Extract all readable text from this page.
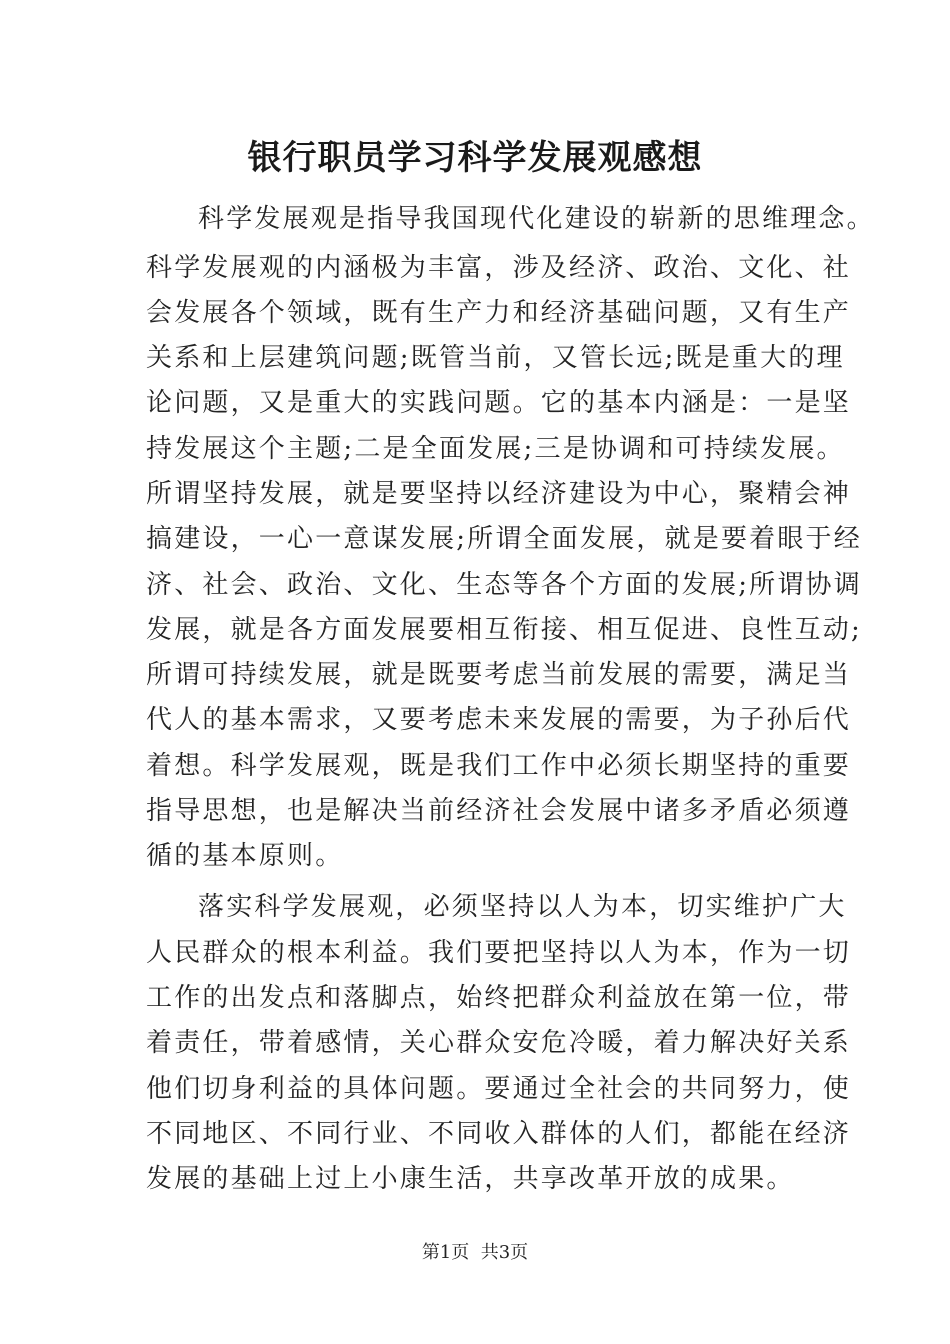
银行职员学习科学发展观感想
科学发展观是指导我国现代化建设的崭新的思维理念。
科学发展观的内涵极为丰富，涉及经济、政治、文化、社
会发展各个领域，既有生产力和经济基础问题，又有生产
关系和上层建筑问题;既管当前，又管长远;既是重大的理
论问题，又是重大的实践问题。它的基本内涵是：一是坚
持发展这个主题;二是全面发展;三是协调和可持续发展。
所谓坚持发展，就是要坚持以经济建设为中心，聚精会神
搞建设，一心一意谋发展;所谓全面发展，就是要着眼于经
济、社会、政治、文化、生态等各个方面的发展;所谓协调
发展，就是各方面发展要相互衔接、相互促进、良性互动;
所谓可持续发展，就是既要考虑当前发展的需要，满足当
代人的基本需求，又要考虑未来发展的需要，为子孙后代
着想。科学发展观，既是我们工作中必须长期坚持的重要
指导思想，也是解决当前经济社会发展中诸多矛盾必须遵
循的基本原则。
落实科学发展观，必须坚持以人为本，切实维护广大
人民群众的根本利益。我们要把坚持以人为本，作为一切
工作的出发点和落脚点，始终把群众利益放在第一位，带
着责任，带着感情，关心群众安危冷暖，着力解决好关系
他们切身利益的具体问题。要通过全社会的共同努力，使
不同地区、不同行业、不同收入群体的人们，都能在经济
发展的基础上过上小康生活，共享改革开放的成果。
第1页  共3页
